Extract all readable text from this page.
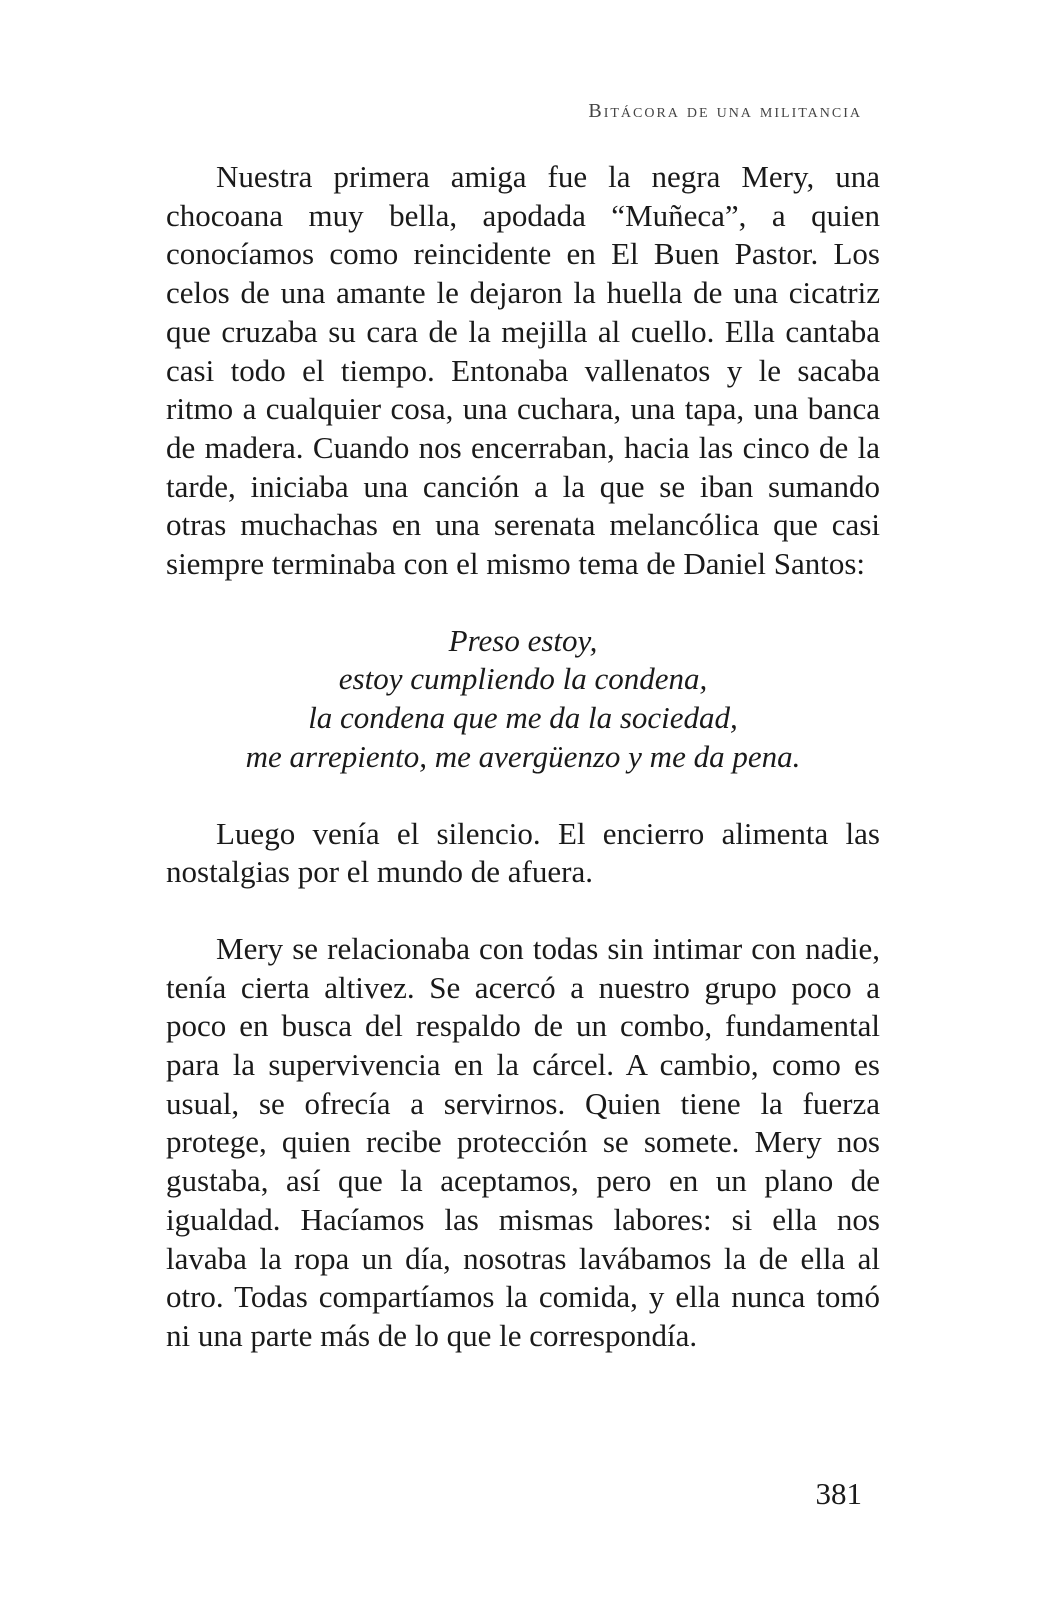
Bitácora de una militancia

Nuestra primera amiga fue la negra Mery, una chocoana muy bella, apodada “Muñeca”, a quien conocíamos como reincidente en El Buen Pastor. Los celos de una amante le dejaron la huella de una cicatriz que cruzaba su cara de la mejilla al cuello. Ella cantaba casi todo el tiempo. Entonaba vallenatos y le sacaba ritmo a cualquier cosa, una cuchara, una tapa, una banca de madera. Cuando nos encerraban, hacia las cinco de la tarde, iniciaba una canción a la que se iban sumando otras muchachas en una serenata melancólica que casi siempre terminaba con el mismo tema de Daniel Santos:

Preso estoy,
estoy cumpliendo la condena,
la condena que me da la sociedad,
me arrepiento, me avergüenzo y me da pena.

Luego venía el silencio. El encierro alimenta las nostalgias por el mundo de afuera.

Mery se relacionaba con todas sin intimar con nadie, tenía cierta altivez. Se acercó a nuestro grupo poco a poco en busca del respaldo de un combo, fundamental para la supervivencia en la cárcel. A cambio, como es usual, se ofrecía a servirnos. Quien tiene la fuerza protege, quien recibe protección se somete. Mery nos gustaba, así que la aceptamos, pero en un plano de igualdad. Hacíamos las mismas labores: si ella nos lavaba la ropa un día, nosotras lavábamos la de ella al otro. Todas compartíamos la comida, y ella nunca tomó ni una parte más de lo que le correspondía.

381
